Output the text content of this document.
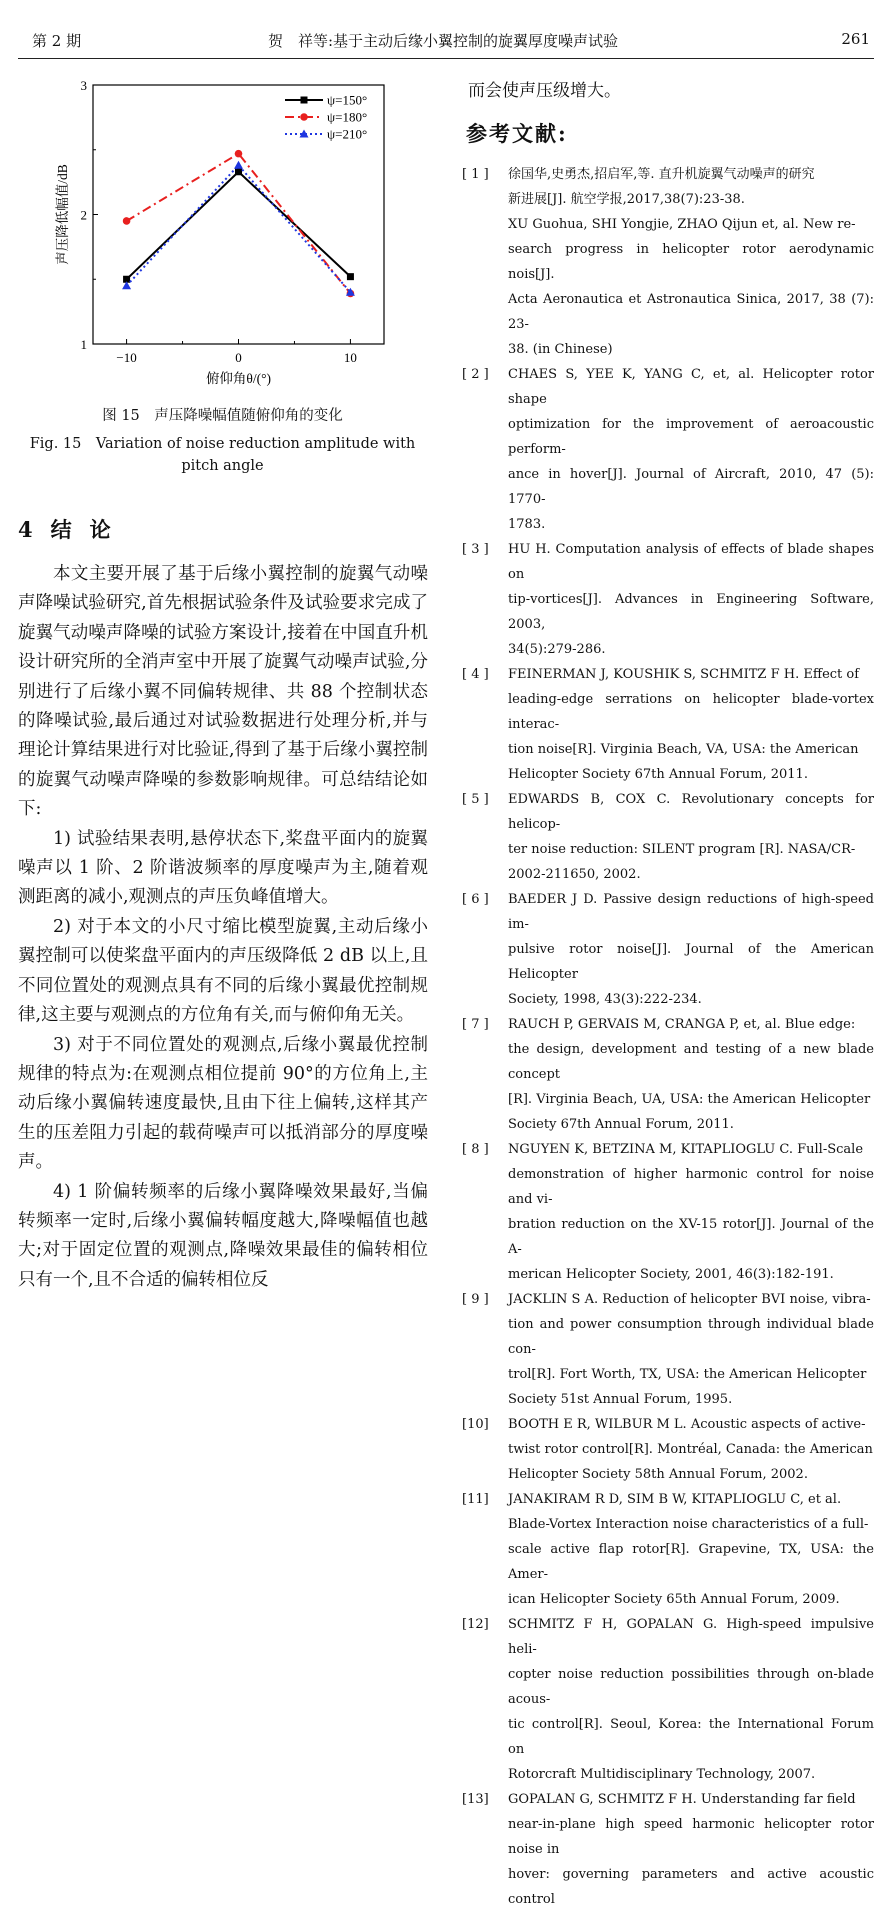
第 2 期	贺　祥等:基于主动后缘小翼控制的旋翼厚度噪声试验	261
−10	0	10
1
2
3
俯仰角θ/(°)
声压降低幅值/dB
ψ=150°
ψ=180°
ψ=210°
图 15　声压降噪幅值随俯仰角的变化
Fig. 15　Variation of noise reduction amplitude with
pitch angle
4 结论

本文主要开展了基于后缘小翼控制的旋翼气动噪声降噪试验研究,首先根据试验条件及试验要求完成了旋翼气动噪声降噪的试验方案设计,接着在中国直升机设计研究所的全消声室中开展了旋翼气动噪声试验,分别进行了后缘小翼不同偏转规律、共 88 个控制状态的降噪试验,最后通过对试验数据进行处理分析,并与理论计算结果进行对比验证,得到了基于后缘小翼控制的旋翼气动噪声降噪的参数影响规律。可总结结论如下:

1) 试验结果表明,悬停状态下,桨盘平面内的旋翼噪声以 1 阶、2 阶谐波频率的厚度噪声为主,随着观测距离的减小,观测点的声压负峰值增大。

2) 对于本文的小尺寸缩比模型旋翼,主动后缘小翼控制可以使桨盘平面内的声压级降低 2 dB 以上,且不同位置处的观测点具有不同的后缘小翼最优控制规律,这主要与观测点的方位角有关,而与俯仰角无关。

3) 对于不同位置处的观测点,后缘小翼最优控制规律的特点为:在观测点相位提前 90°的方位角上,主动后缘小翼偏转速度最快,且由下往上偏转,这样其产生的压差阻力引起的载荷噪声可以抵消部分的厚度噪声。

4) 1 阶偏转频率的后缘小翼降噪效果最好,当偏转频率一定时,后缘小翼偏转幅度越大,降噪幅值也越大;对于固定位置的观测点,降噪效果最佳的偏转相位只有一个,且不合适的偏转相位反

而会使声压级增大。
参考文献:
[ 1 ]	徐国华,史勇杰,招启军,等. 直升机旋翼气动噪声的研究
新进展[J]. 航空学报,2017,38(7):23-38.
XU Guohua, SHI Yongjie, ZHAO Qijun et, al. New re-
search progress in helicopter rotor aerodynamic nois[J].
Acta Aeronautica et Astronautica Sinica, 2017, 38 (7): 23-
38. (in Chinese)
[ 2 ]	CHAES S, YEE K, YANG C, et, al. Helicopter rotor shape
optimization for the improvement of aeroacoustic perform-
ance in hover[J]. Journal of Aircraft, 2010, 47 (5): 1770-
1783.
[ 3 ]	HU H. Computation analysis of effects of blade shapes on
tip-vortices[J]. Advances in Engineering Software, 2003,
34(5):279-286.
[ 4 ]	FEINERMAN J, KOUSHIK S, SCHMITZ F H. Effect of
leading-edge serrations on helicopter blade-vortex interac-
tion noise[R]. Virginia Beach, VA, USA: the American
Helicopter Society 67th Annual Forum, 2011.
[ 5 ]	EDWARDS B, COX C. Revolutionary concepts for helicop-
ter noise reduction: SILENT program [R]. NASA/CR-
2002-211650, 2002.
[ 6 ]	BAEDER J D. Passive design reductions of high-speed im-
pulsive rotor noise[J]. Journal of the American Helicopter
Society, 1998, 43(3):222-234.
[ 7 ]	RAUCH P, GERVAIS M, CRANGA P, et, al. Blue edge:
the design, development and testing of a new blade concept
[R]. Virginia Beach, UA, USA: the American Helicopter
Society 67th Annual Forum, 2011.
[ 8 ]	NGUYEN K, BETZINA M, KITAPLIOGLU C. Full-Scale
demonstration of higher harmonic control for noise and vi-
bration reduction on the XV-15 rotor[J]. Journal of the A-
merican Helicopter Society, 2001, 46(3):182-191.
[ 9 ]	JACKLIN S A. Reduction of helicopter BVI noise, vibra-
tion and power consumption through individual blade con-
trol[R]. Fort Worth, TX, USA: the American Helicopter
Society 51st Annual Forum, 1995.
[10]	BOOTH E R, WILBUR M L. Acoustic aspects of active-
twist rotor control[R]. Montréal, Canada: the American
Helicopter Society 58th Annual Forum, 2002.
[11]	JANAKIRAM R D, SIM B W, KITAPLIOGLU C, et al.
Blade-Vortex Interaction noise characteristics of a full-
scale active flap rotor[R]. Grapevine, TX, USA: the Amer-
ican Helicopter Society 65th Annual Forum, 2009.
[12]	SCHMITZ F H, GOPALAN G. High-speed impulsive heli-
copter noise reduction possibilities through on-blade acous-
tic control[R]. Seoul, Korea: the International Forum on
Rotorcraft Multidisciplinary Technology, 2007.
[13]	GOPALAN G, SCHMITZ F H. Understanding far field
near-in-plane high speed harmonic helicopter rotor noise in
hover: governing parameters and active acoustic control
